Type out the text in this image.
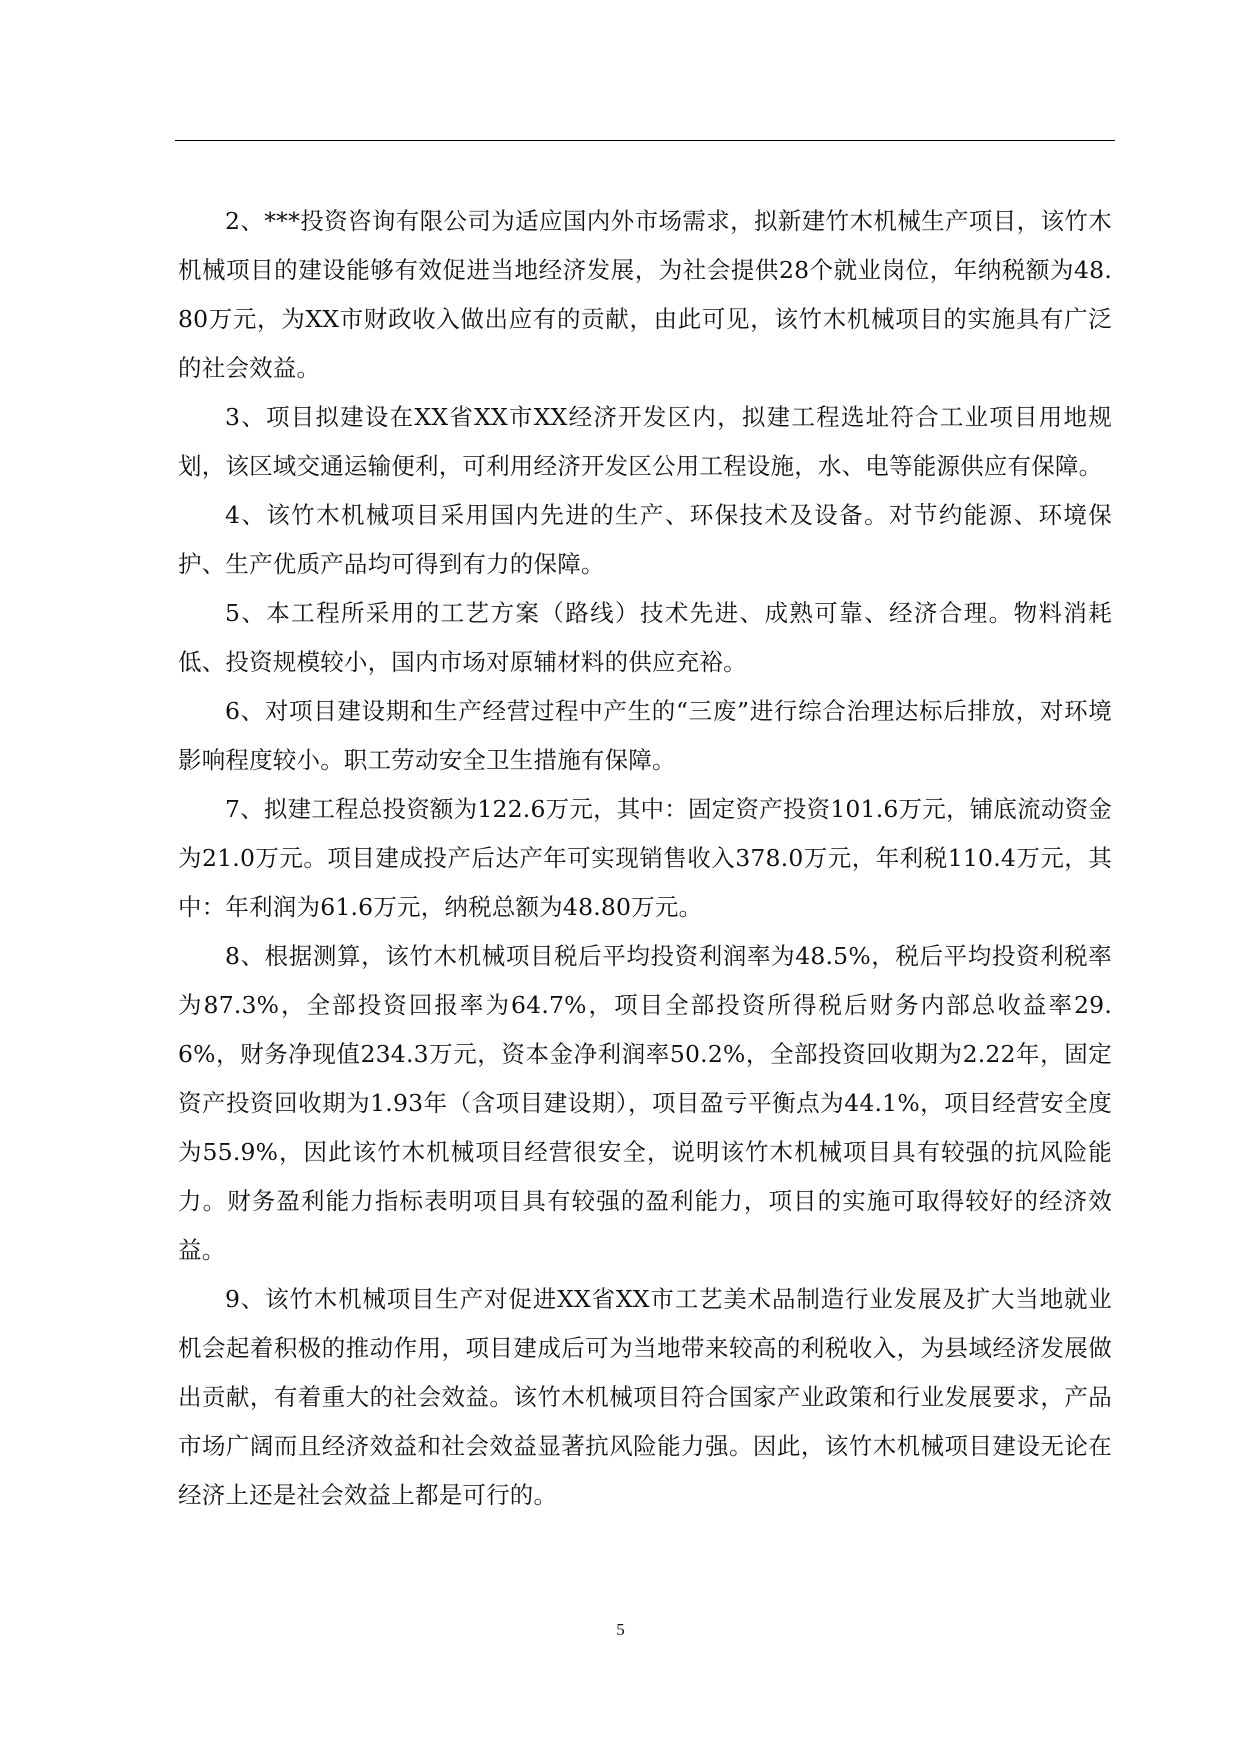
2、***投资咨询有限公司为适应国内外市场需求，拟新建竹木机械生产项目，该竹木机械项目的建设能够有效促进当地经济发展，为社会提供28个就业岗位，年纳税额为48.80万元，为XX市财政收入做出应有的贡献，由此可见，该竹木机械项目的实施具有广泛的社会效益。

3、项目拟建设在XX省XX市XX经济开发区内，拟建工程选址符合工业项目用地规划，该区域交通运输便利，可利用经济开发区公用工程设施，水、电等能源供应有保障。

4、该竹木机械项目采用国内先进的生产、环保技术及设备。对节约能源、环境保护、生产优质产品均可得到有力的保障。

5、本工程所采用的工艺方案（路线）技术先进、成熟可靠、经济合理。物料消耗低、投资规模较小，国内市场对原辅材料的供应充裕。

6、对项目建设期和生产经营过程中产生的“三废”进行综合治理达标后排放，对环境影响程度较小。职工劳动安全卫生措施有保障。

7、拟建工程总投资额为122.6万元，其中：固定资产投资101.6万元，铺底流动资金为21.0万元。项目建成投产后达产年可实现销售收入378.0万元，年利税110.4万元，其中：年利润为61.6万元，纳税总额为48.80万元。

8、根据测算，该竹木机械项目税后平均投资利润率为48.5%，税后平均投资利税率为87.3%，全部投资回报率为64.7%，项目全部投资所得税后财务内部总收益率29.6%，财务净现值234.3万元，资本金净利润率50.2%，全部投资回收期为2.22年，固定资产投资回收期为1.93年（含项目建设期），项目盈亏平衡点为44.1%，项目经营安全度为55.9%，因此该竹木机械项目经营很安全，说明该竹木机械项目具有较强的抗风险能力。财务盈利能力指标表明项目具有较强的盈利能力，项目的实施可取得较好的经济效益。

9、该竹木机械项目生产对促进XX省XX市工艺美术品制造行业发展及扩大当地就业机会起着积极的推动作用，项目建成后可为当地带来较高的利税收入，为县域经济发展做出贡献，有着重大的社会效益。该竹木机械项目符合国家产业政策和行业发展要求，产品市场广阔而且经济效益和社会效益显著抗风险能力强。因此，该竹木机械项目建设无论在经济上还是社会效益上都是可行的。

5
